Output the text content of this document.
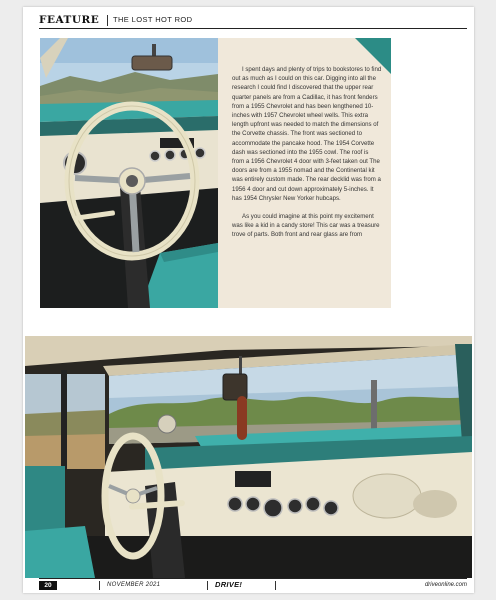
FEATURE THE LOST HOT ROD

I spent days and plenty of trips to bookstores to find out as much as I could on this car. Digging into all the research I could find I discovered that the upper rear quarter panels are from a Cadillac, it has front fenders from a 1955 Chevrolet and has been lengthened 10-inches with 1957 Chevrolet wheel wells. This extra length upfront was needed to match the dimensions of the Corvette chassis. The front was sectioned to accommodate the pancake hood. The 1954 Corvette dash was sectioned into the 1955 cowl. The roof is from a 1956 Chevrolet 4 door with 3-feet taken out The doors are from a 1955 nomad and the Continental kit was entirely custom made. The rear decklid was from a 1956 4 door and cut down approximately 5-inches. It has 1954 Chrysler New Yorker hubcaps.

As you could imagine at this point my excitement was like a kid in a candy store! This car was a treasure trove of parts. Both front and rear glass are from

20	NOVEMBER 2021	DRIVE!	driveonline.com
